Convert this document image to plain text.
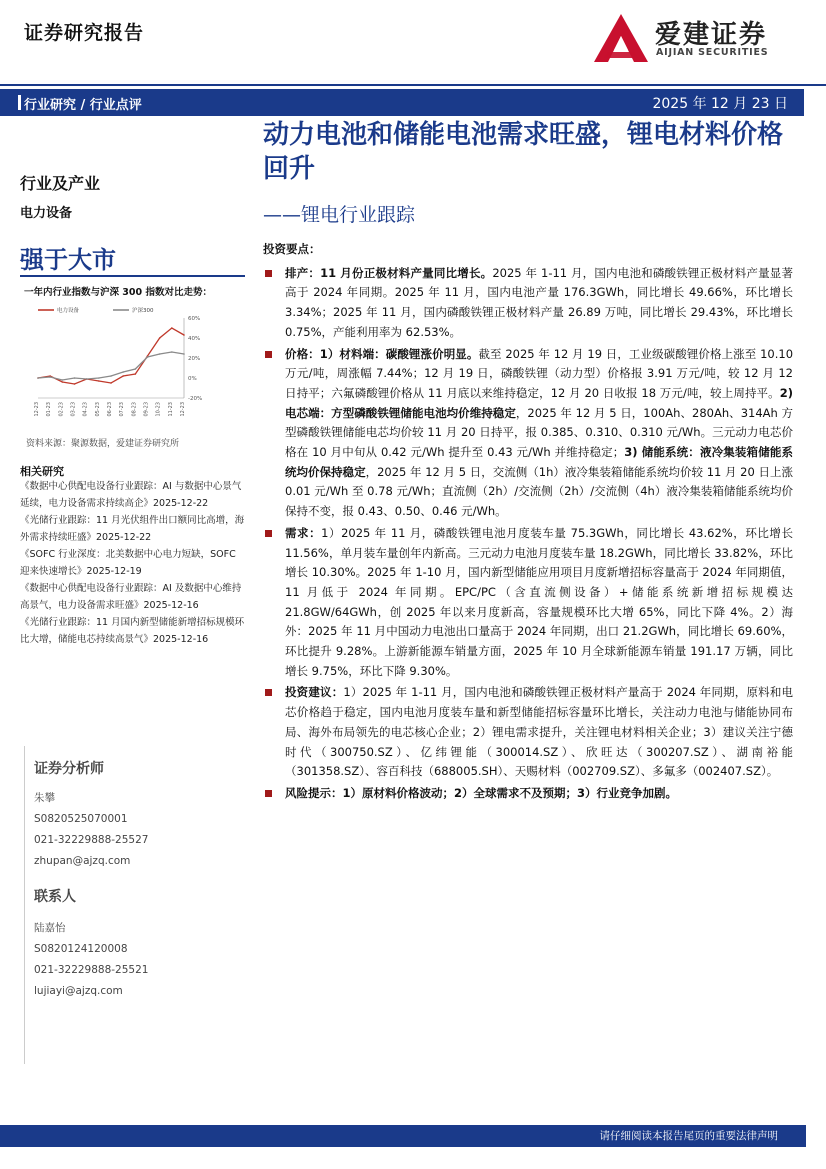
证券研究报告	爱建证券
AIJIAN SECURITIES
行业研究 / 行业点评	2025 年 12 月 23 日
动力电池和储能电池需求旺盛，锂电材料价格回升
——锂电行业跟踪
行业及产业
电力设备
强于大市
一年内行业指数与沪深 300 指数对比走势：
60%
40%
20%
0%
-20%
12-23 01-23 02-23 03-23 04-23 05-23 06-23 07-23 08-23 09-23 10-23 11-23 12-23
电力设备	沪深300
资料来源：聚源数据，爱建证券研究所
相关研究
《数据中心供配电设备行业跟踪：AI 与数据中心景气延续，电力设备需求持续高企》2025-12-22
《光储行业跟踪：11 月光伏组件出口额同比高增，海外需求持续旺盛》2025-12-22
《SOFC 行业深度：北美数据中心电力短缺，SOFC 迎来快速增长》2025-12-19
《数据中心供配电设备行业跟踪：AI 及数据中心维持高景气，电力设备需求旺盛》2025-12-16
《光储行业跟踪：11 月国内新型储能新增招标规模环比大增，储能电芯持续高景气》2025-12-16
证券分析师
朱攀
S0820525070001
021-32229888-25527
zhupan@ajzq.com
联系人
陆嘉怡
S0820124120008
021-32229888-25521
lujiayi@ajzq.com

投资要点：

排产：11 月份正极材料产量同比增长。2025 年 1-11 月，国内电池和磷酸铁锂正极材料产量显著高于 2024 年同期。2025 年 11 月，国内电池产量 176.3GWh，同比增长 49.66%，环比增长 3.34%；2025 年 11 月，国内磷酸铁锂正极材料产量 26.89 万吨，同比增长 29.43%，环比增长 0.75%，产能利用率为 62.53%。

价格：1）材料端：碳酸锂涨价明显。截至 2025 年 12 月 19 日，工业级碳酸锂价格上涨至 10.10 万元/吨，周涨幅 7.44%；12 月 19 日，磷酸铁锂（动力型）价格报 3.91 万元/吨，较 12 月 12 日持平；六氟磷酸锂价格从 11 月底以来维持稳定，12 月 20 日收报 18 万元/吨，较上周持平。2) 电芯端：方型磷酸铁锂储能电池均价维持稳定，2025 年 12 月 5 日，100Ah、280Ah、314Ah 方型磷酸铁锂储能电芯均价较 11 月 20 日持平，报 0.385、0.310、0.310 元/Wh。三元动力电芯价格在 10 月中旬从 0.42 元/Wh 提升至 0.43 元/Wh 并维持稳定；3) 储能系统：液冷集装箱储能系统均价保持稳定，2025 年 12 月 5 日，交流侧（1h）液冷集装箱储能系统均价较 11 月 20 日上涨 0.01 元/Wh 至 0.78 元/Wh；直流侧（2h）/交流侧（2h）/交流侧（4h）液冷集装箱储能系统均价保持不变，报 0.43、0.50、0.46 元/Wh。

需求：1）2025 年 11 月，磷酸铁锂电池月度装车量 75.3GWh，同比增长 43.62%，环比增长 11.56%，单月装车量创年内新高。三元动力电池月度装车量 18.2GWh，同比增长 33.82%，环比增长 10.30%。2025 年 1-10 月，国内新型储能应用项目月度新增招标容量高于 2024 年同期值，11 月低于 2024 年同期。EPC/PC（含直流侧设备）+储能系统新增招标规模达 21.8GW/64GWh，创 2025 年以来月度新高，容量规模环比大增 65%，同比下降 4%。2）海外：2025 年 11 月中国动力电池出口量高于 2024 年同期，出口 21.2GWh，同比增长 69.60%，环比提升 9.28%。上游新能源车销量方面，2025 年 10 月全球新能源车销量 191.17 万辆，同比增长 9.75%，环比下降 9.30%。

投资建议：1）2025 年 1-11 月，国内电池和磷酸铁锂正极材料产量高于 2024 年同期，原料和电芯价格趋于稳定，国内电池月度装车量和新型储能招标容量环比增长，关注动力电池与储能协同布局、海外布局领先的电芯核心企业；2）锂电需求提升，关注锂电材料相关企业；3）建议关注宁德时代（300750.SZ）、亿纬锂能（300014.SZ）、欣旺达（300207.SZ）、湖南裕能（301358.SZ）、容百科技（688005.SH）、天赐材料（002709.SZ）、多氟多（002407.SZ）。

风险提示：1）原材料价格波动；2）全球需求不及预期；3）行业竞争加剧。

请仔细阅读本报告尾页的重要法律声明
